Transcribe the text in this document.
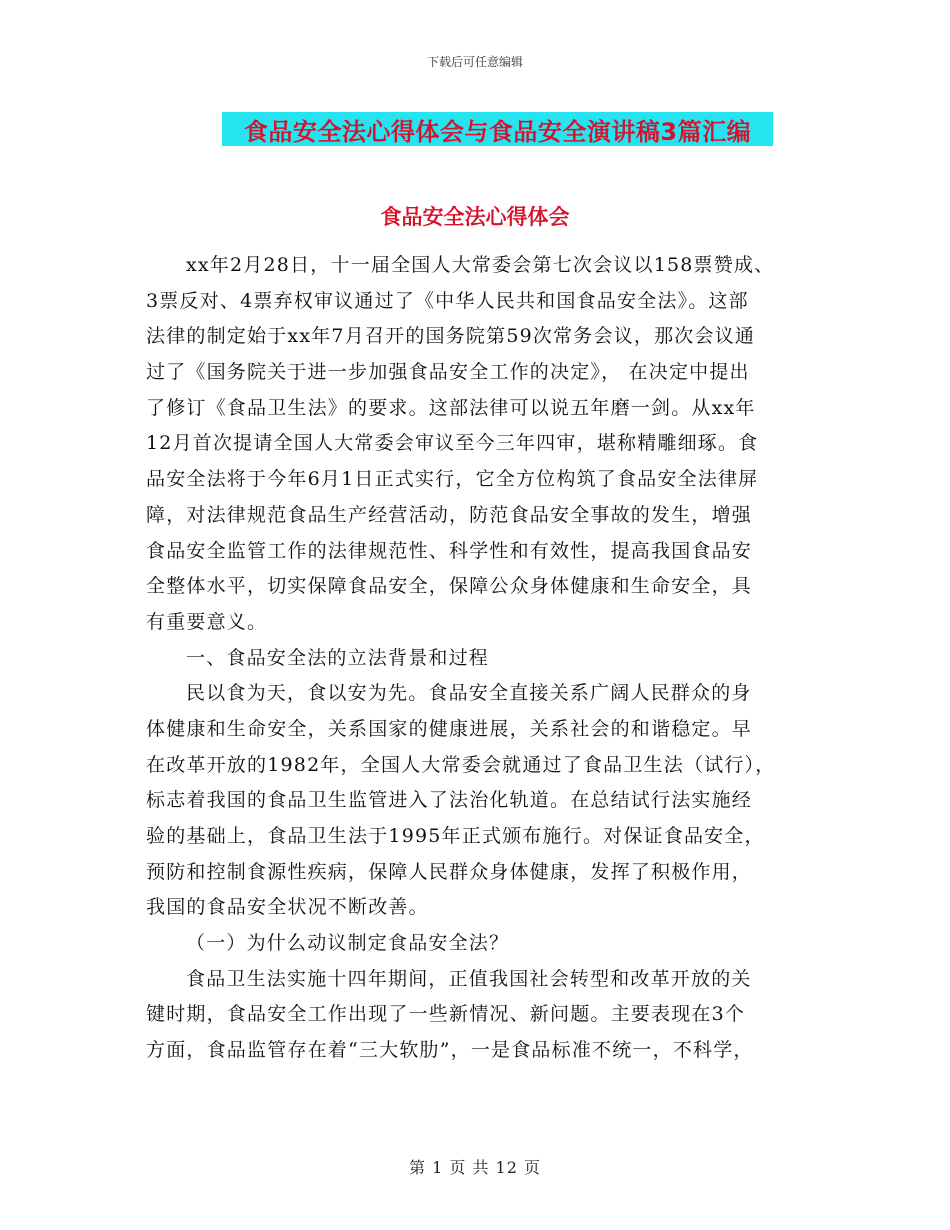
下载后可任意编辑
食品安全法心得体会与食品安全演讲稿3篇汇编
食品安全法心得体会
xx年2月28日，十一届全国人大常委会第七次会议以158票赞成、
3票反对、4票弃权审议通过了《中华人民共和国食品安全法》。这部
法律的制定始于xx年7月召开的国务院第59次常务会议，那次会议通
过了《国务院关于进一步加强食品安全工作的决定》， 在决定中提出
了修订《食品卫生法》的要求。这部法律可以说五年磨一剑。从xx年
12月首次提请全国人大常委会审议至今三年四审，堪称精雕细琢。食
品安全法将于今年6月1日正式实行，它全方位构筑了食品安全法律屏
障，对法律规范食品生产经营活动，防范食品安全事故的发生，增强
食品安全监管工作的法律规范性、科学性和有效性，提高我国食品安
全整体水平，切实保障食品安全，保障公众身体健康和生命安全，具
有重要意义。
一、食品安全法的立法背景和过程
民以食为天，食以安为先。食品安全直接关系广阔人民群众的身
体健康和生命安全，关系国家的健康进展，关系社会的和谐稳定。早
在改革开放的1982年，全国人大常委会就通过了食品卫生法（试行），
标志着我国的食品卫生监管进入了法治化轨道。在总结试行法实施经
验的基础上，食品卫生法于1995年正式颁布施行。对保证食品安全，
预防和控制食源性疾病，保障人民群众身体健康，发挥了积极作用，
我国的食品安全状况不断改善。
（一）为什么动议制定食品安全法？
食品卫生法实施十四年期间，正值我国社会转型和改革开放的关
键时期，食品安全工作出现了一些新情况、新问题。主要表现在3个
方面，食品监管存在着“三大软肋”，一是食品标准不统一，不科学，
第 1 页 共 12 页
